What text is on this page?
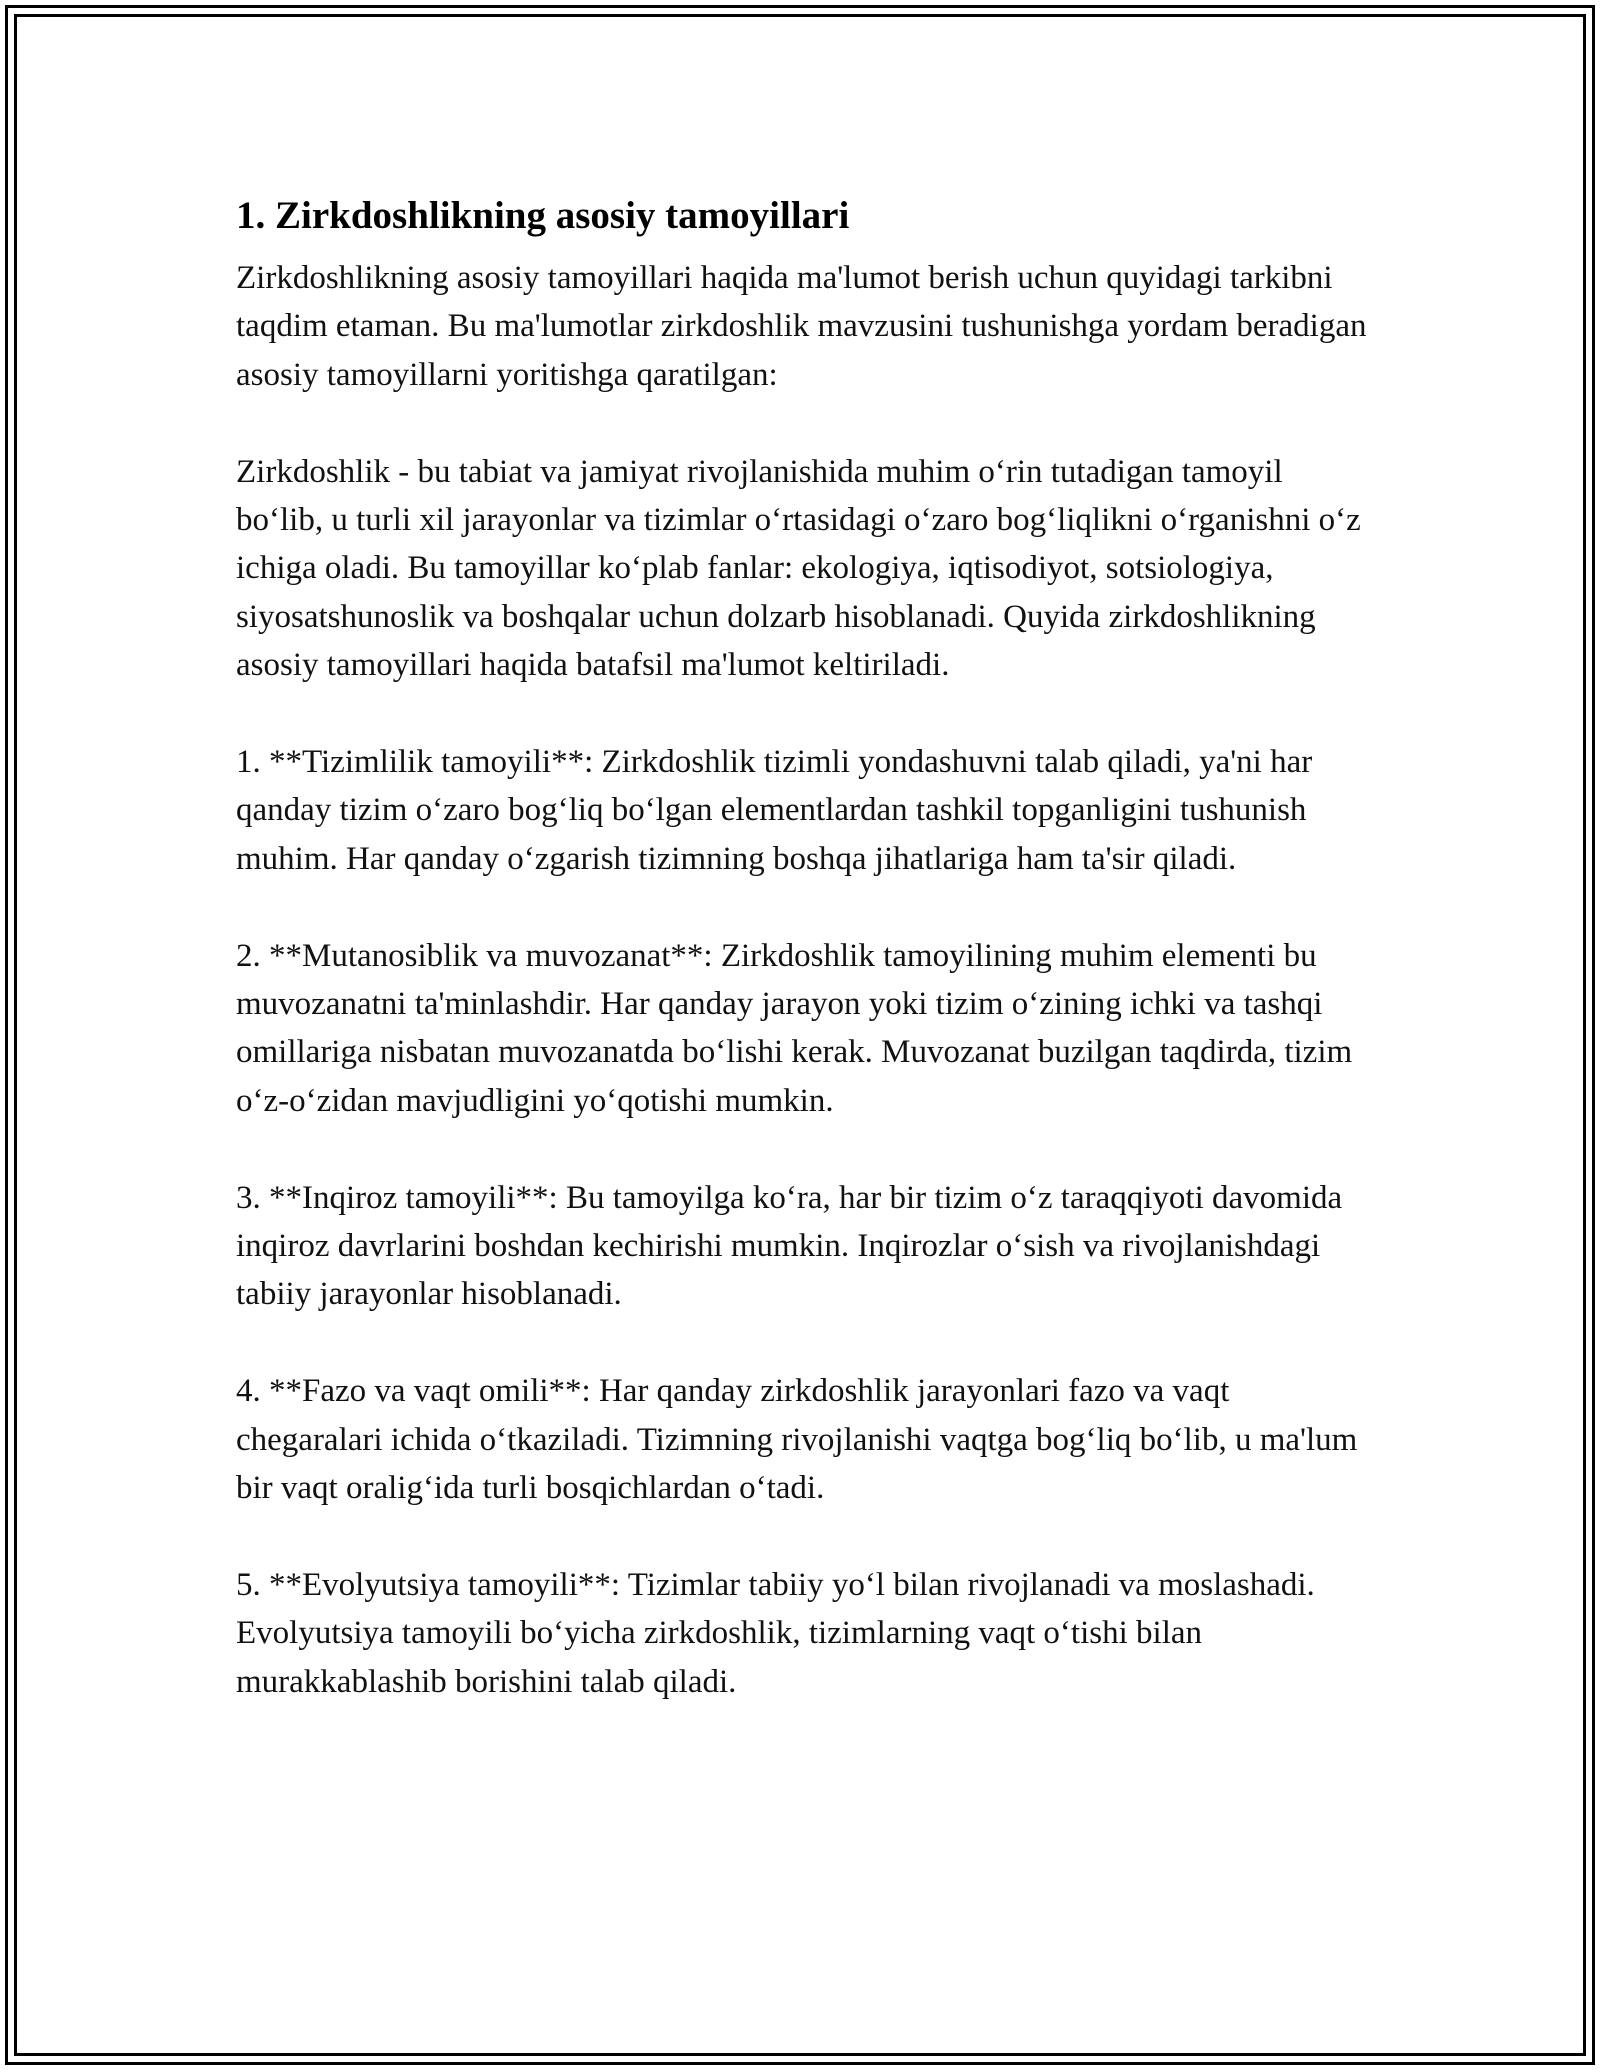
1. Zirkdoshlikning asosiy tamoyillari

Zirkdoshlikning asosiy tamoyillari haqida ma'lumot berish uchun quyidagi tarkibni taqdim etaman. Bu ma'lumotlar zirkdoshlik mavzusini tushunishga yordam beradigan asosiy tamoyillarni yoritishga qaratilgan:

Zirkdoshlik - bu tabiat va jamiyat rivojlanishida muhim oʻrin tutadigan tamoyil boʻlib, u turli xil jarayonlar va tizimlar oʻrtasidagi oʻzaro bogʻliqlikni oʻrganishni oʻz ichiga oladi. Bu tamoyillar koʻplab fanlar: ekologiya, iqtisodiyot, sotsiologiya, siyosatshunoslik va boshqalar uchun dolzarb hisoblanadi. Quyida zirkdoshlikning asosiy tamoyillari haqida batafsil ma'lumot keltiriladi.

1. **Tizimlilik tamoyili**: Zirkdoshlik tizimli yondashuvni talab qiladi, ya'ni har qanday tizim oʻzaro bogʻliq boʻlgan elementlardan tashkil topganligini tushunish muhim. Har qanday oʻzgarish tizimning boshqa jihatlariga ham ta'sir qiladi.

2. **Mutanosiblik va muvozanat**: Zirkdoshlik tamoyilining muhim elementi bu muvozanatni ta'minlashdir. Har qanday jarayon yoki tizim oʻzining ichki va tashqi omillariga nisbatan muvozanatda boʻlishi kerak. Muvozanat buzilgan taqdirda, tizim oʻz-oʻzidan mavjudligini yoʻqotishi mumkin.

3. **Inqiroz tamoyili**: Bu tamoyilga koʻra, har bir tizim oʻz taraqqiyoti davomida inqiroz davrlarini boshdan kechirishi mumkin. Inqirozlar oʻsish va rivojlanishdagi tabiiy jarayonlar hisoblanadi.

4. **Fazo va vaqt omili**: Har qanday zirkdoshlik jarayonlari fazo va vaqt chegaralari ichida oʻtkaziladi. Tizimning rivojlanishi vaqtga bogʻliq boʻlib, u ma'lum bir vaqt oraligʻida turli bosqichlardan oʻtadi.

5. **Evolyutsiya tamoyili**: Tizimlar tabiiy yoʻl bilan rivojlanadi va moslashadi. Evolyutsiya tamoyili boʻyicha zirkdoshlik, tizimlarning vaqt oʻtishi bilan murakkablashib borishini talab qiladi.
